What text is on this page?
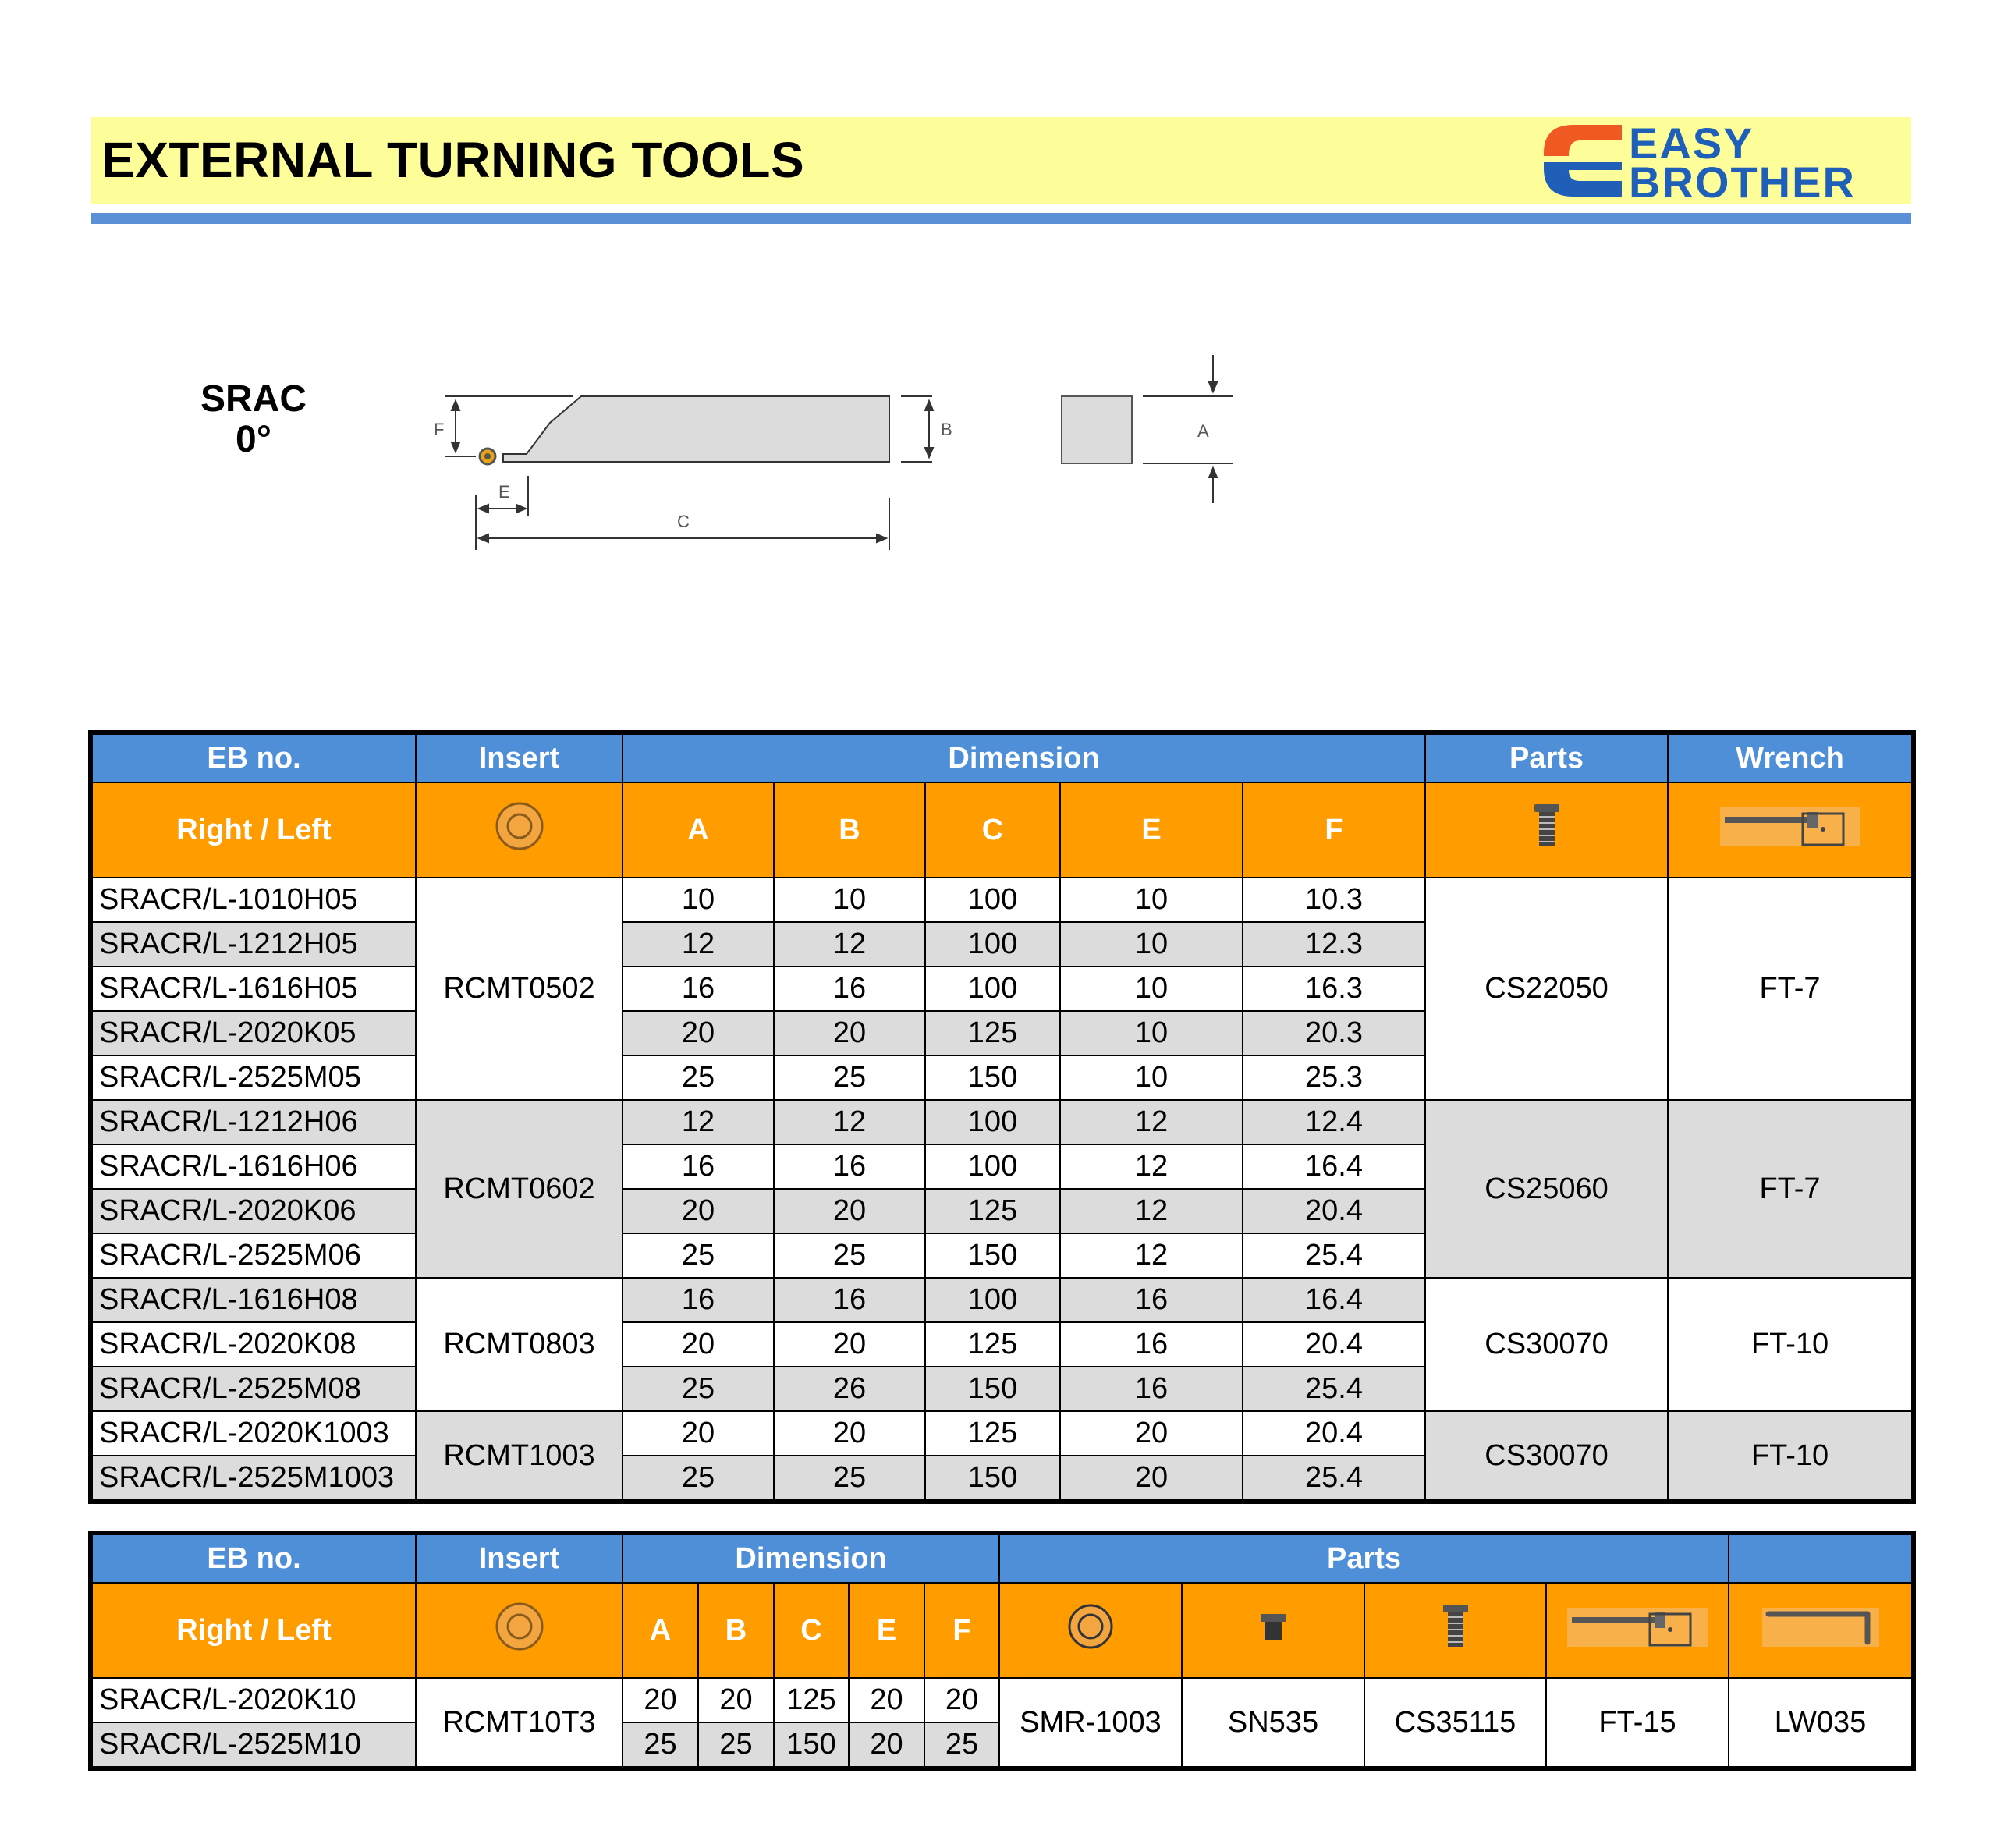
EXTERNAL TURNING TOOLS	EASY
BROTHER
SRAC
0°	F	B	A
E
C
EB no.	Insert	Dimension					Parts	Wrench
Right / Left		A	B	C	E	F		
SRACR/L-1010H05	RCMT0502	10	10	100	10	10.3	CS22050	FT-7
SRACR/L-1212H05		12	12	100	10	12.3		
SRACR/L-1616H05		16	16	100	10	16.3		
SRACR/L-2020K05		20	20	125	10	20.3		
SRACR/L-2525M05		25	25	150	10	25.3		
SRACR/L-1212H06	RCMT0602	12	12	100	12	12.4	CS25060	FT-7
SRACR/L-1616H06		16	16	100	12	16.4		
SRACR/L-2020K06		20	20	125	12	20.4		
SRACR/L-2525M06		25	25	150	12	25.4		
SRACR/L-1616H08	RCMT0803	16	16	100	16	16.4	CS30070	FT-10
SRACR/L-2020K08		20	20	125	16	20.4		
SRACR/L-2525M08		25	26	150	16	25.4		
SRACR/L-2020K1003	RCMT1003	20	20	125	20	20.4	CS30070	FT-10
SRACR/L-2525M1003		25	25	150	20	25.4		
EB no.	Insert	Dimension					Parts				
Right / Left		A	B	C	E	F					
SRACR/L-2020K10	RCMT10T3	20	20	125	20	20	SMR-1003	SN535	CS35115	FT-15	LW035
SRACR/L-2525M10		25	25	150	20	25					
